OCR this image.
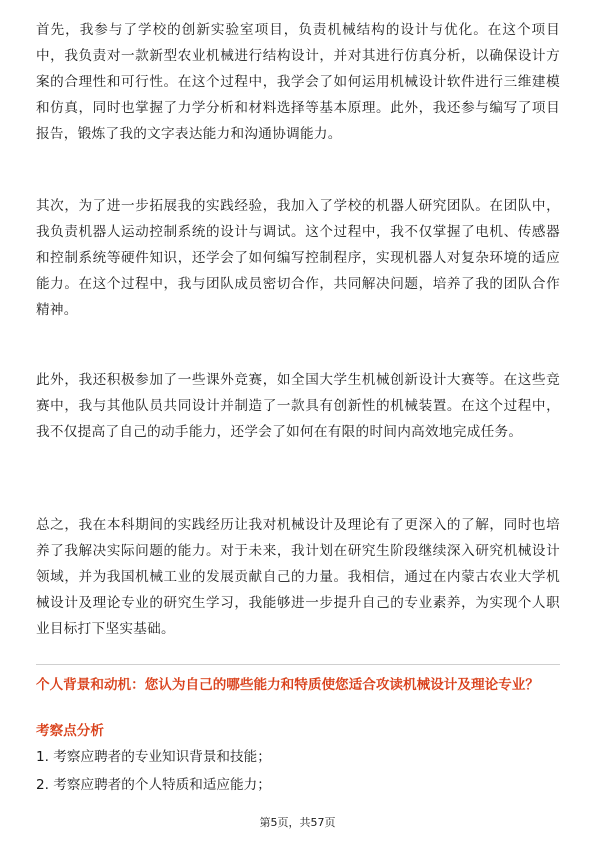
首先，我参与了学校的创新实验室项目，负责机械结构的设计与优化。在这个项目中，我负责对一款新型农业机械进行结构设计，并对其进行仿真分析，以确保设计方案的合理性和可行性。在这个过程中，我学会了如何运用机械设计软件进行三维建模和仿真，同时也掌握了力学分析和材料选择等基本原理。此外，我还参与编写了项目报告，锻炼了我的文字表达能力和沟通协调能力。

其次，为了进一步拓展我的实践经验，我加入了学校的机器人研究团队。在团队中，我负责机器人运动控制系统的设计与调试。这个过程中，我不仅掌握了电机、传感器和控制系统等硬件知识，还学会了如何编写控制程序，实现机器人对复杂环境的适应能力。在这个过程中，我与团队成员密切合作，共同解决问题，培养了我的团队合作精神。

此外，我还积极参加了一些课外竞赛，如全国大学生机械创新设计大赛等。在这些竞赛中，我与其他队员共同设计并制造了一款具有创新性的机械装置。在这个过程中，我不仅提高了自己的动手能力，还学会了如何在有限的时间内高效地完成任务。

总之，我在本科期间的实践经历让我对机械设计及理论有了更深入的了解，同时也培养了我解决实际问题的能力。对于未来，我计划在研究生阶段继续深入研究机械设计领域，并为我国机械工业的发展贡献自己的力量。我相信，通过在内蒙古农业大学机械设计及理论专业的研究生学习，我能够进一步提升自己的专业素养，为实现个人职业目标打下坚实基础。

个人背景和动机：您认为自己的哪些能力和特质使您适合攻读机械设计及理论专业？

考察点分析

1. 考察应聘者的专业知识背景和技能；

2. 考察应聘者的个人特质和适应能力；

第5页，共57页
